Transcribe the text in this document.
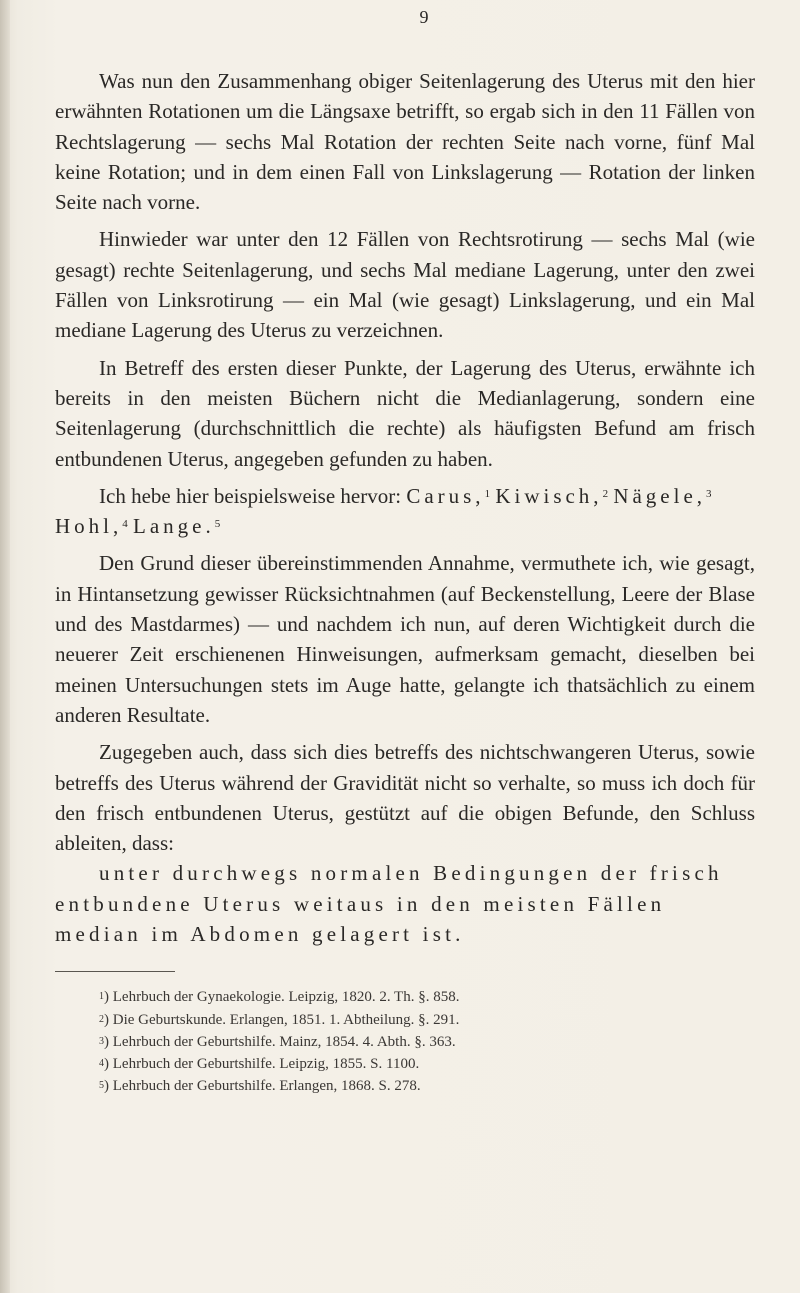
9

Was nun den Zusammenhang obiger Seitenlagerung des Uterus mit den hier erwähnten Rotationen um die Längsaxe betrifft, so ergab sich in den 11 Fällen von Rechtslagerung — sechs Mal Rotation der rechten Seite nach vorne, fünf Mal keine Rotation; und in dem einen Fall von Linkslagerung — Rotation der linken Seite nach vorne.

Hinwieder war unter den 12 Fällen von Rechtsrotirung — sechs Mal (wie gesagt) rechte Seitenlagerung, und sechs Mal mediane Lagerung, unter den zwei Fällen von Linksrotirung — ein Mal (wie gesagt) Linkslagerung, und ein Mal mediane Lagerung des Uterus zu verzeichnen.

In Betreff des ersten dieser Punkte, der Lagerung des Uterus, erwähnte ich bereits in den meisten Büchern nicht die Medianlagerung, sondern eine Seitenlagerung (durchschnittlich die rechte) als häufigsten Befund am frisch entbundenen Uterus, angegeben gefunden zu haben.

Ich hebe hier beispielsweise hervor: Carus,$^1$ Kiwisch,$^2$ Nägele,$^3$ Hohl,$^4$ Lange.$^5$

Den Grund dieser übereinstimmenden Annahme, vermuthete ich, wie gesagt, in Hintansetzung gewisser Rücksichtnahmen (auf Beckenstellung, Leere der Blase und des Mastdarmes) — und nachdem ich nun, auf deren Wichtigkeit durch die neuerer Zeit erschienenen Hinweisungen, aufmerksam gemacht, dieselben bei meinen Untersuchungen stets im Auge hatte, gelangte ich thatsächlich zu einem anderen Resultate.

Zugegeben auch, dass sich dies betreffs des nichtschwangeren Uterus, sowie betreffs des Uterus während der Gravidität nicht so verhalte, so muss ich doch für den frisch entbundenen Uterus, gestützt auf die obigen Befunde, den Schluss ableiten, dass:

unter durchwegs normalen Bedingungen der frisch entbundene Uterus weitaus in den meisten Fällen median im Abdomen gelagert ist.

$^1$) Lehrbuch der Gynaekologie. Leipzig, 1820. 2. Th. §. 858.
$^2$) Die Geburtskunde. Erlangen, 1851. 1. Abtheilung. §. 291.
$^3$) Lehrbuch der Geburtshilfe. Mainz, 1854. 4. Abth. §. 363.
$^4$) Lehrbuch der Geburtshilfe. Leipzig, 1855. S. 1100.
$^5$) Lehrbuch der Geburtshilfe. Erlangen, 1868. S. 278.
